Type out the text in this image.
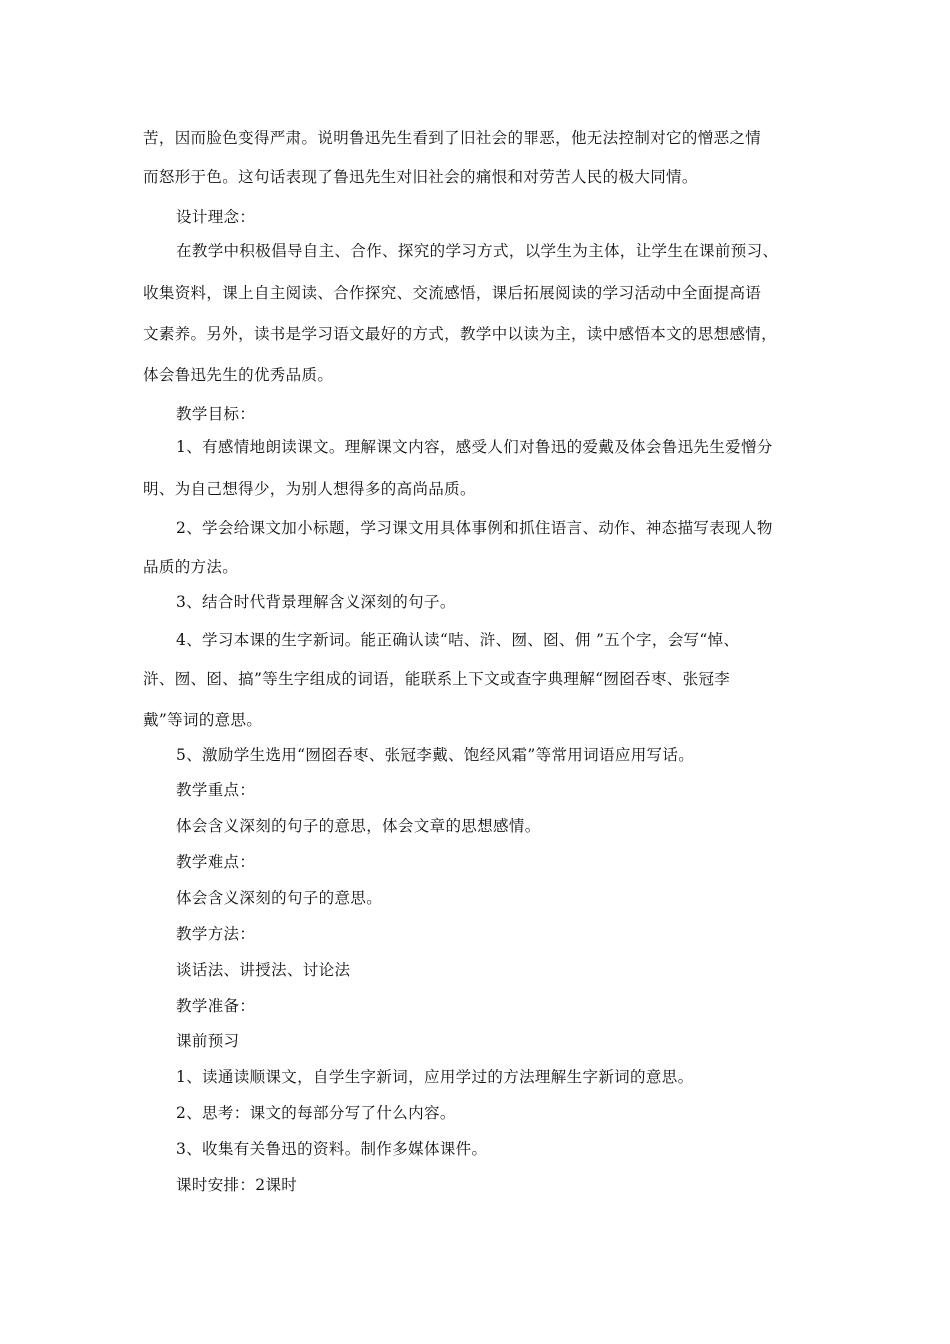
苦，因而脸色变得严肃。说明鲁迅先生看到了旧社会的罪恶，他无法控制对它的憎恶之情
而怒形于色。这句话表现了鲁迅先生对旧社会的痛恨和对劳苦人民的极大同情。
设计理念：
在教学中积极倡导自主、合作、探究的学习方式，以学生为主体，让学生在课前预习、
收集资料，课上自主阅读、合作探究、交流感悟，课后拓展阅读的学习活动中全面提高语
文素养。另外，读书是学习语文最好的方式，教学中以读为主，读中感悟本文的思想感情，
体会鲁迅先生的优秀品质。
教学目标：
1、有感情地朗读课文。理解课文内容，感受人们对鲁迅的爱戴及体会鲁迅先生爱憎分
明、为自己想得少，为别人想得多的高尚品质。
2、学会给课文加小标题，学习课文用具体事例和抓住语言、动作、神态描写表现人物
品质的方法。
3、结合时代背景理解含义深刻的句子。
4、学习本课的生字新词。能正确认读“咭、浒、囫、囵、佣 ”五个字，会写“悼、
浒、囫、囵、搞”等生字组成的词语，能联系上下文或查字典理解“囫囵吞枣、张冠李
戴”等词的意思。
5、激励学生选用“囫囵吞枣、张冠李戴、饱经风霜”等常用词语应用写话。
教学重点：
体会含义深刻的句子的意思，体会文章的思想感情。
教学难点：
体会含义深刻的句子的意思。
教学方法：
谈话法、讲授法、讨论法
教学准备：
课前预习
1、读通读顺课文，自学生字新词，应用学过的方法理解生字新词的意思。
2、思考：课文的每部分写了什么内容。
3、收集有关鲁迅的资料。制作多媒体课件。
课时安排：2课时
